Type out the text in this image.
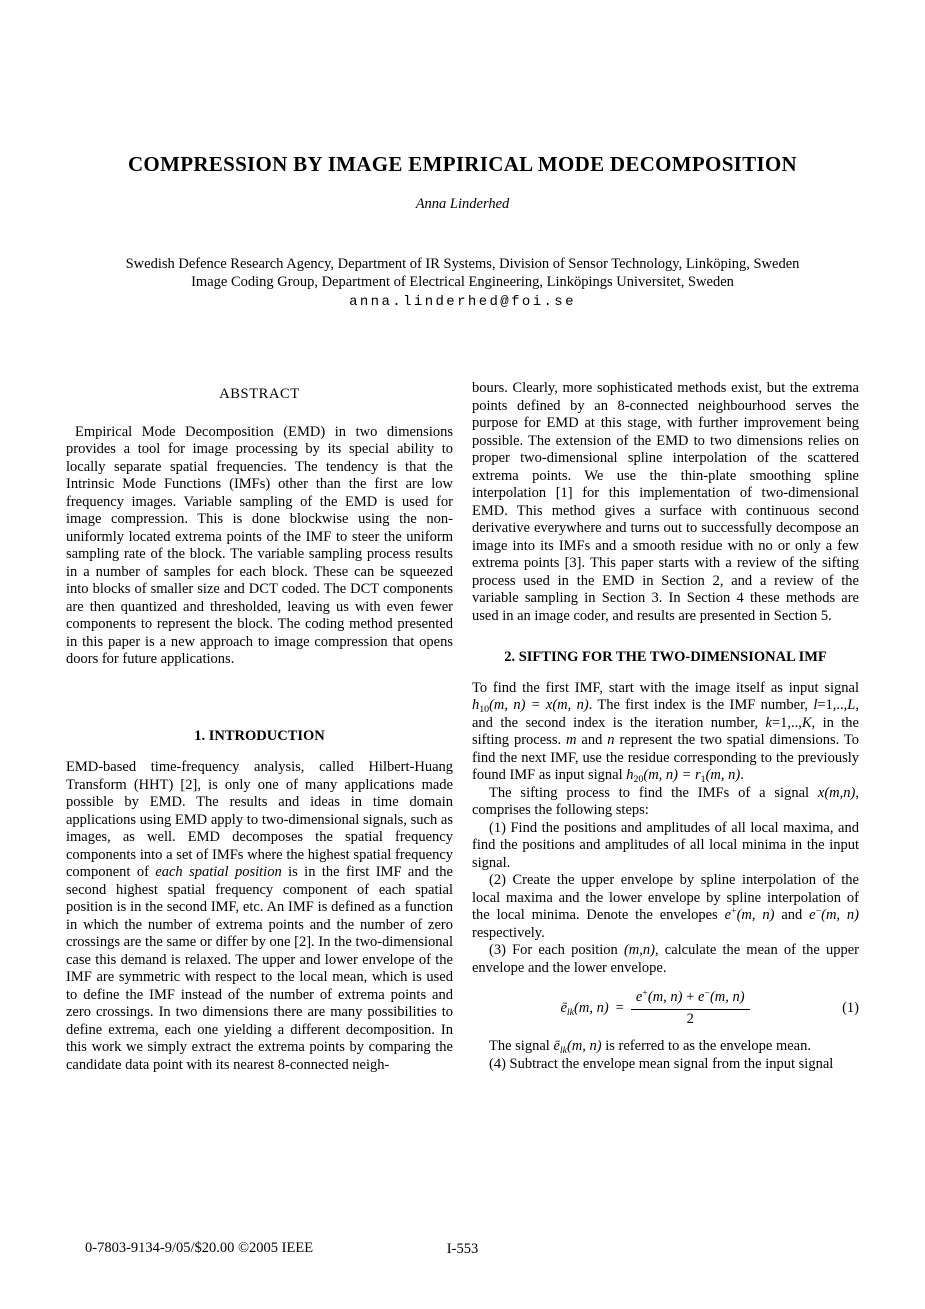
COMPRESSION BY IMAGE EMPIRICAL MODE DECOMPOSITION
Anna Linderhed
Swedish Defence Research Agency, Department of IR Systems, Division of Sensor Technology, Linköping, Sweden
Image Coding Group, Department of Electrical Engineering, Linköpings Universitet, Sweden
anna.linderhed@foi.se
ABSTRACT

Empirical Mode Decomposition (EMD) in two dimensions provides a tool for image processing by its special ability to locally separate spatial frequencies. The tendency is that the Intrinsic Mode Functions (IMFs) other than the first are low frequency images. Variable sampling of the EMD is used for image compression. This is done blockwise using the non-uniformly located extrema points of the IMF to steer the uniform sampling rate of the block. The variable sampling process results in a number of samples for each block. These can be squeezed into blocks of smaller size and DCT coded. The DCT components are then quantized and thresholded, leaving us with even fewer components to represent the block. The coding method presented in this paper is a new approach to image compression that opens doors for future applications.

1. INTRODUCTION

EMD-based time-frequency analysis, called Hilbert-Huang Transform (HHT) [2], is only one of many applications made possible by EMD. The results and ideas in time domain applications using EMD apply to two-dimensional signals, such as images, as well. EMD decomposes the spatial frequency components into a set of IMFs where the highest spatial frequency component of each spatial position is in the first IMF and the second highest spatial frequency component of each spatial position is in the second IMF, etc. An IMF is defined as a function in which the number of extrema points and the number of zero crossings are the same or differ by one [2]. In the two-dimensional case this demand is relaxed. The upper and lower envelope of the IMF are symmetric with respect to the local mean, which is used to define the IMF instead of the number of extrema points and zero crossings. In two dimensions there are many possibilities to define extrema, each one yielding a different decomposition. In this work we simply extract the extrema points by comparing the candidate data point with its nearest 8-connected neigh-

bours. Clearly, more sophisticated methods exist, but the extrema points defined by an 8-connected neighbourhood serves the purpose for EMD at this stage, with further improvement being possible. The extension of the EMD to two dimensions relies on proper two-dimensional spline interpolation of the scattered extrema points. We use the thin-plate smoothing spline interpolation [1] for this implementation of two-dimensional EMD. This method gives a surface with continuous second derivative everywhere and turns out to successfully decompose an image into its IMFs and a smooth residue with no or only a few extrema points [3]. This paper starts with a review of the sifting process used in the EMD in Section 2, and a review of the variable sampling in Section 3. In Section 4 these methods are used in an image coder, and results are presented in Section 5.

2. SIFTING FOR THE TWO-DIMENSIONAL IMF

To find the first IMF, start with the image itself as input signal $h_{10}(m$, n) = x(m, n). The first index is the IMF number, l=1,..,L, and the second index is the iteration number, k=1,..,K, in the sifting process. m and n represent the two spatial dimensions. To find the next IMF, use the residue corresponding to the previously found IMF as input signal $h_{20}(m$, $n) = r_1(m$, n).

The sifting process to find the IMFs of a signal x(m,n), comprises the following steps:

(1) Find the positions and amplitudes of all local maxima, and find the positions and amplitudes of all local minima in the input signal.

(2) Create the upper envelope by spline interpolation of the local maxima and the lower envelope by spline interpolation of the local minima. Denote the envelopes e+(m, n) and e−(m, n) respectively.

(3) For each position (m,n), calculate the mean of the upper envelope and the lower envelope.

$ē_{lk}(m$, $n) = \frac{e^+(m, n) + e^-(m, n)}{2}$	(1)

The signal $ē_{lk}(m$, n) is referred to as the envelope mean.

(4) Subtract the envelope mean signal from the input signal

0-7803-9134-9/05/$20.00 ©2005 IEEE	I-553
